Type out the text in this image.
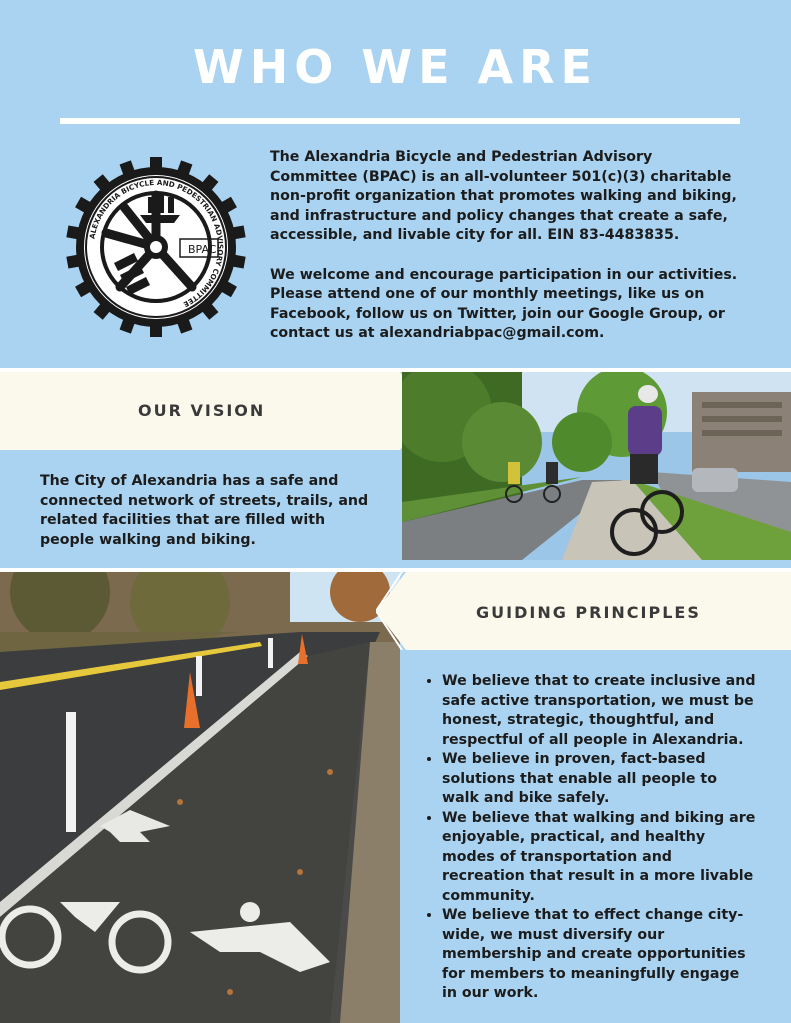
WHO WE ARE
ALEXANDRIA BICYCLE AND PEDESTRIAN ADVISORY COMMITTEE
BPAC

The Alexandria Bicycle and Pedestrian Advisory Committee (BPAC) is an all-volunteer 501(c)(3) charitable non-profit organization that promotes walking and biking, and infrastructure and policy changes that create a safe, accessible, and livable city for all. EIN 83-4483835.

We welcome and encourage participation in our activities. Please attend one of our monthly meetings, like us on Facebook, follow us on Twitter, join our Google Group, or contact us at alexandriabpac@gmail.com.

OUR VISION
The City of Alexandria has a safe and connected network of streets, trails, and related facilities that are filled with people walking and biking.
GUIDING PRINCIPLES
• We believe that to create inclusive and safe active transportation, we must be honest, strategic, thoughtful, and respectful of all people in Alexandria.
• We believe in proven, fact-based solutions that enable all people to walk and bike safely.
• We believe that walking and biking are enjoyable, practical, and healthy modes of transportation and recreation that result in a more livable community.
• We believe that to effect change city-wide, we must diversify our membership and create opportunities for members to meaningfully engage in our work.
